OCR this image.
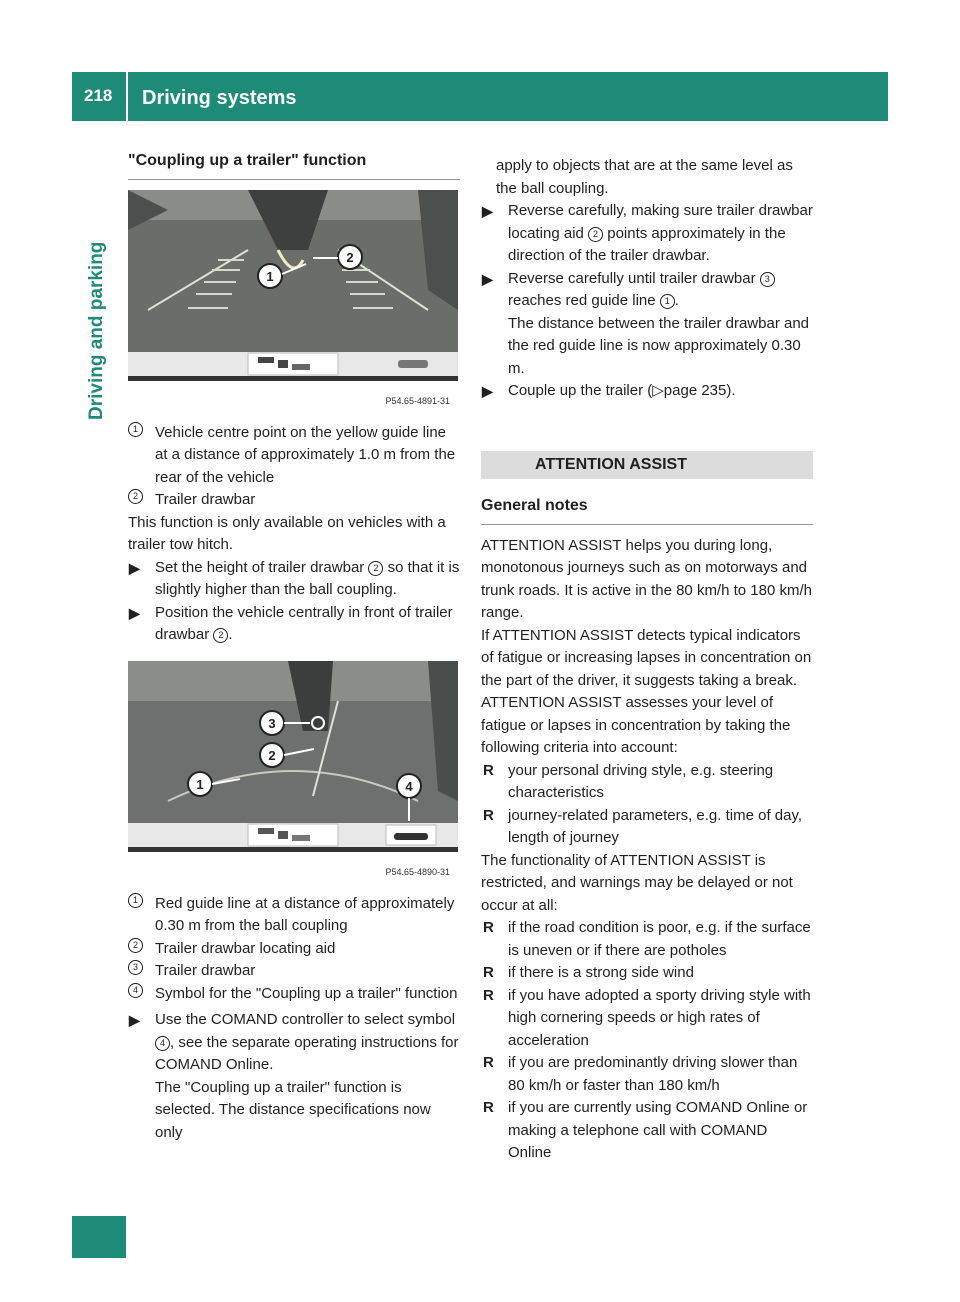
218 Driving systems
Driving and parking
"Coupling up a trailer" function
1
2
P54.65-4891-31
1	Vehicle centre point on the yellow guide line at a distance of approximately 1.0 m from the rear of the vehicle
2	Trailer drawbar
This function is only available on vehicles with a trailer tow hitch.
▶ Set the height of trailer drawbar 2 so that it is slightly higher than the ball coupling.
▶ Position the vehicle centrally in front of trailer drawbar 2 .
3
2
1	4
P54.65-4890-31
1	Red guide line at a distance of approximately 0.30 m from the ball coupling
2	Trailer drawbar locating aid
3	Trailer drawbar
4	Symbol for the "Coupling up a trailer" function
▶ Use the COMAND controller to select symbol 4 , see the separate operating instructions for COMAND Online.
The "Coupling up a trailer" function is selected. The distance specifications now only
apply to objects that are at the same level as the ball coupling.
▶ Reverse carefully, making sure trailer drawbar locating aid 2 points approximately in the direction of the trailer drawbar.
▶ Reverse carefully until trailer drawbar 3 reaches red guide line 1 .
The distance between the trailer drawbar and the red guide line is now approximately 0.30 m.
▶ Couple up the trailer (▷page 235).
ATTENTION ASSIST
General notes
ATTENTION ASSIST helps you during long, monotonous journeys such as on motorways and trunk roads. It is active in the 80 km/h to 180 km/h range.
If ATTENTION ASSIST detects typical indicators of fatigue or increasing lapses in concentration on the part of the driver, it suggests taking a break.
ATTENTION ASSIST assesses your level of fatigue or lapses in concentration by taking the following criteria into account:
R your personal driving style, e.g. steering characteristics
R journey-related parameters, e.g. time of day, length of journey
The functionality of ATTENTION ASSIST is restricted, and warnings may be delayed or not occur at all:
R if the road condition is poor, e.g. if the surface is uneven or if there are potholes
R if there is a strong side wind
R if you have adopted a sporty driving style with high cornering speeds or high rates of acceleration
R if you are predominantly driving slower than 80 km/h or faster than 180 km/h
R if you are currently using COMAND Online or making a telephone call with COMAND Online
